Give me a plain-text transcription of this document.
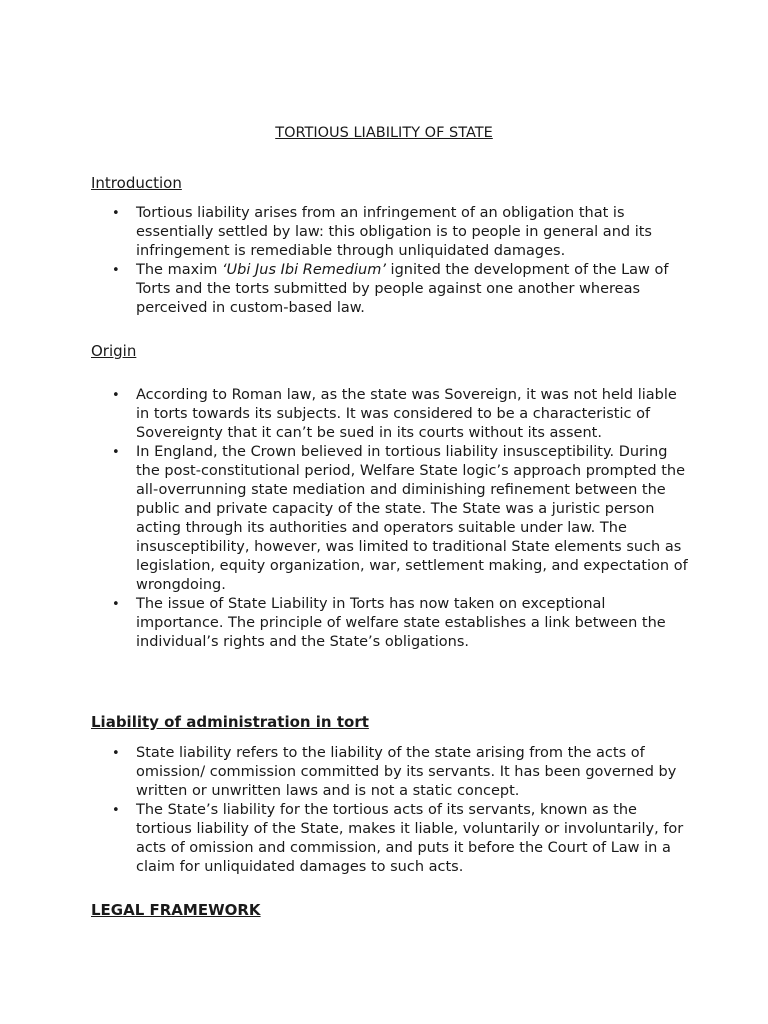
TORTIOUS LIABILITY OF STATE
Introduction
• Tortious liability arises from an infringement of an obligation that is essentially settled by law: this obligation is to people in general and its infringement is remediable through unliquidated damages.
• The maxim ‘Ubi Jus Ibi Remedium’ ignited the development of the Law of Torts and the torts submitted by people against one another whereas perceived in custom-based law.
Origin
• According to Roman law, as the state was Sovereign, it was not held liable in torts towards its subjects. It was considered to be a characteristic of Sovereignty that it can’t be sued in its courts without its assent.
• In England, the Crown believed in tortious liability insusceptibility. During the post-constitutional period, Welfare State logic’s approach prompted the all-overrunning state mediation and diminishing refinement between the public and private capacity of the state. The State was a juristic person acting through its authorities and operators suitable under law. The insusceptibility, however, was limited to traditional State elements such as legislation, equity organization, war, settlement making, and expectation of wrongdoing.
• The issue of State Liability in Torts has now taken on exceptional importance. The principle of welfare state establishes a link between the individual’s rights and the State’s obligations.
Liability of administration in tort
• State liability refers to the liability of the state arising from the acts of omission/ commission committed by its servants. It has been governed by written or unwritten laws and is not a static concept.
• The State’s liability for the tortious acts of its servants, known as the tortious liability of the State, makes it liable, voluntarily or involuntarily, for acts of omission and commission, and puts it before the Court of Law in a claim for unliquidated damages to such acts.
LEGAL FRAMEWORK
